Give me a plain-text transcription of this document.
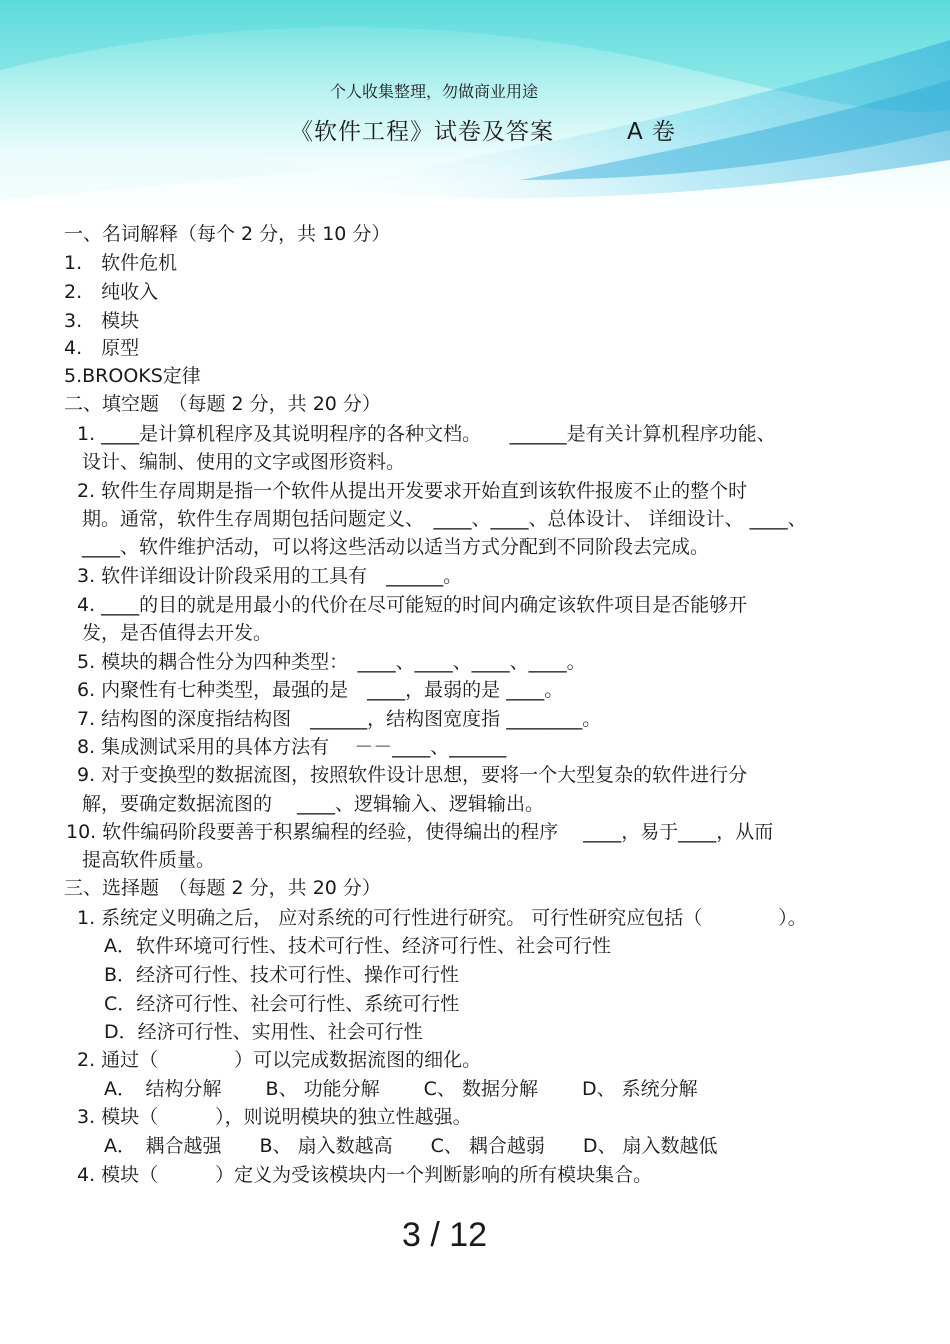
个人收集整理，勿做商业用途
《软件工程》试卷及答案	A 卷
一、名词解释（每个 2 分，共 10 分）
1.　软件危机
2.　纯收入
3.　模块
4.　原型
5.BROOKS定律
二、填空题　（每题 2 分，共 20 分）
1. ____是计算机程序及其说明程序的各种文档。　　______是有关计算机程序功能、
设计、编制、使用的文字或图形资料。
2. 软件生存周期是指一个软件从提出开发要求开始直到该软件报废不止的整个时
期。通常，软件生存周期包括问题定义、　____、____、总体设计、 详细设计、 ____、
____、软件维护活动，可以将这些活动以适当方式分配到不同阶段去完成。
3. 软件详细设计阶段采用的工具有　______。
4. ____的目的就是用最小的代价在尽可能短的时间内确定该软件项目是否能够开
发，是否值得去开发。
5. 模块的耦合性分为四种类型：　____、____、____、____。
6. 内聚性有七种类型，最强的是　____，最弱的是 ____。
7. 结构图的深度指结构图　______，结构图宽度指 ________。
8. 集成测试采用的具体方法有　 －－____、______
9. 对于变换型的数据流图，按照软件设计思想，要将一个大型复杂的软件进行分
解，要确定数据流图的　 ____、逻辑输入、逻辑输出。
10. 软件编码阶段要善于积累编程的经验，使得编出的程序　 ____，易于____，从而
提高软件质量。
三、选择题　（每题 2 分，共 20 分）
1. 系统定义明确之后， 应对系统的可行性进行研究。 可行性研究应包括（　　　　）。
A．软件环境可行性、技术可行性、经济可行性、社会可行性
B．经济可行性、技术可行性、操作可行性
C．经济可行性、社会可行性、系统可行性
D．经济可行性、实用性、社会可行性
2. 通过（　　　　）可以完成数据流图的细化。
A．　结构分解　　 B、 功能分解　　 C、 数据分解　　 D、 系统分解
3. 模块（　　　），则说明模块的独立性越强。
A．　耦合越强　　B、 扇入数越高　　C、 耦合越弱　　D、 扇入数越低
4. 模块（　　　）定义为受该模块内一个判断影响的所有模块集合。
3 / 12
